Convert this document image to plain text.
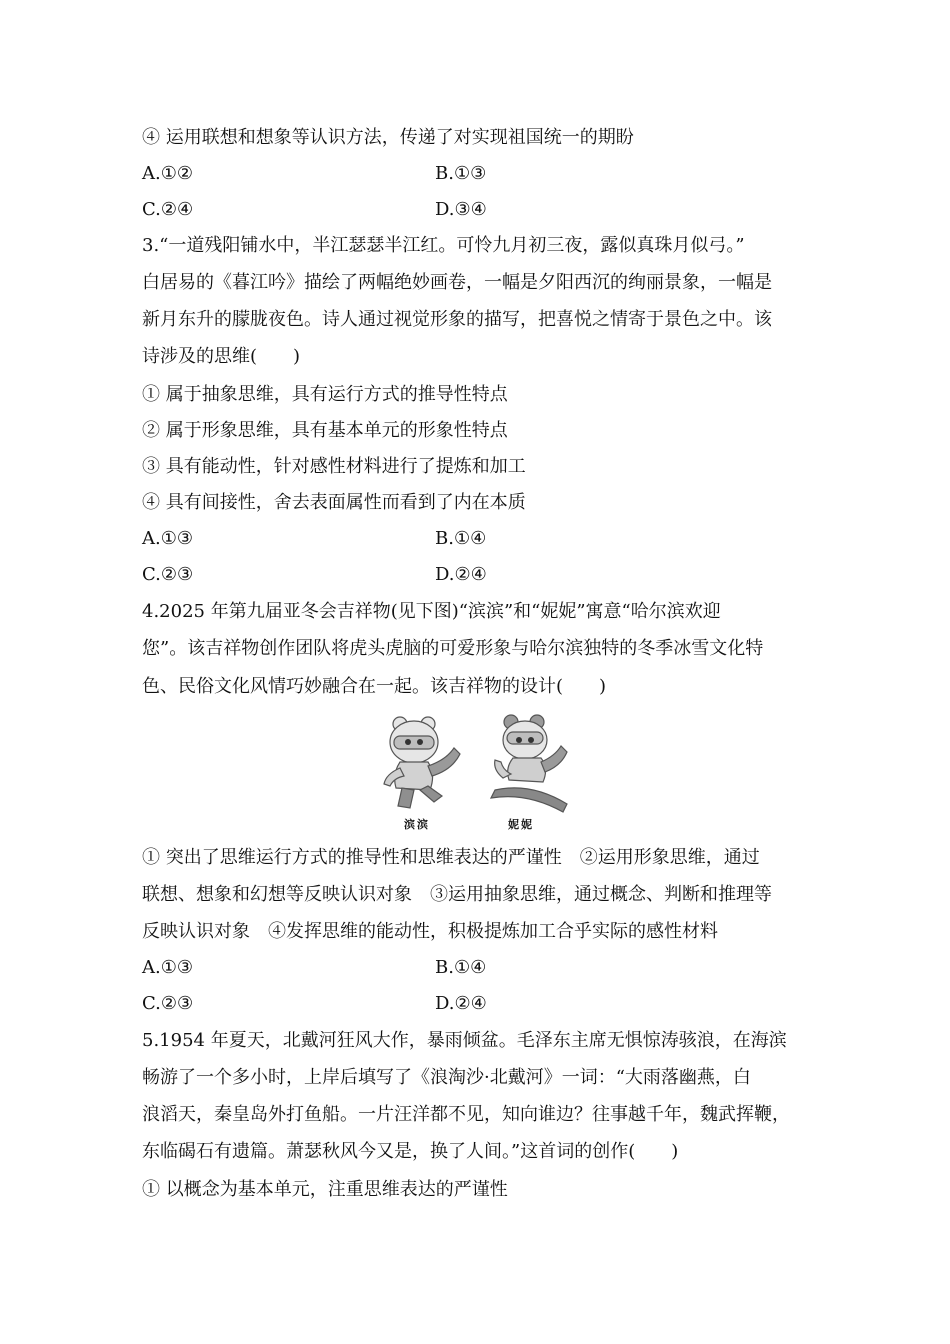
④ 运用联想和想象等认识方法，传递了对实现祖国统一的期盼
A.①②	B.①③
C.②④	D.③④
3.“一道残阳铺水中，半江瑟瑟半江红。可怜九月初三夜，露似真珠月似弓。”
白居易的《暮江吟》描绘了两幅绝妙画卷，一幅是夕阳西沉的绚丽景象，一幅是
新月东升的朦胧夜色。诗人通过视觉形象的描写，把喜悦之情寄于景色之中。该
诗涉及的思维(　　)
① 属于抽象思维，具有运行方式的推导性特点
② 属于形象思维，具有基本单元的形象性特点
③ 具有能动性，针对感性材料进行了提炼和加工
④ 具有间接性，舍去表面属性而看到了内在本质
A.①③	B.①④
C.②③	D.②④
4.2025 年第九届亚冬会吉祥物(见下图)“滨滨”和“妮妮”寓意“哈尔滨欢迎
您”。该吉祥物创作团队将虎头虎脑的可爱形象与哈尔滨独特的冬季冰雪文化特
色、民俗文化风情巧妙融合在一起。该吉祥物的设计(　　)
滨滨	妮妮
① 突出了思维运行方式的推导性和思维表达的严谨性　②运用形象思维，通过
联想、想象和幻想等反映认识对象　③运用抽象思维，通过概念、判断和推理等
反映认识对象　④发挥思维的能动性，积极提炼加工合乎实际的感性材料
A.①③	B.①④
C.②③	D.②④
5.1954 年夏天，北戴河狂风大作，暴雨倾盆。毛泽东主席无惧惊涛骇浪，在海滨
畅游了一个多小时，上岸后填写了《浪淘沙·北戴河》一词：“大雨落幽燕，白
浪滔天，秦皇岛外打鱼船。一片汪洋都不见，知向谁边？往事越千年，魏武挥鞭，
东临碣石有遗篇。萧瑟秋风今又是，换了人间。”这首词的创作(　　)
① 以概念为基本单元，注重思维表达的严谨性
